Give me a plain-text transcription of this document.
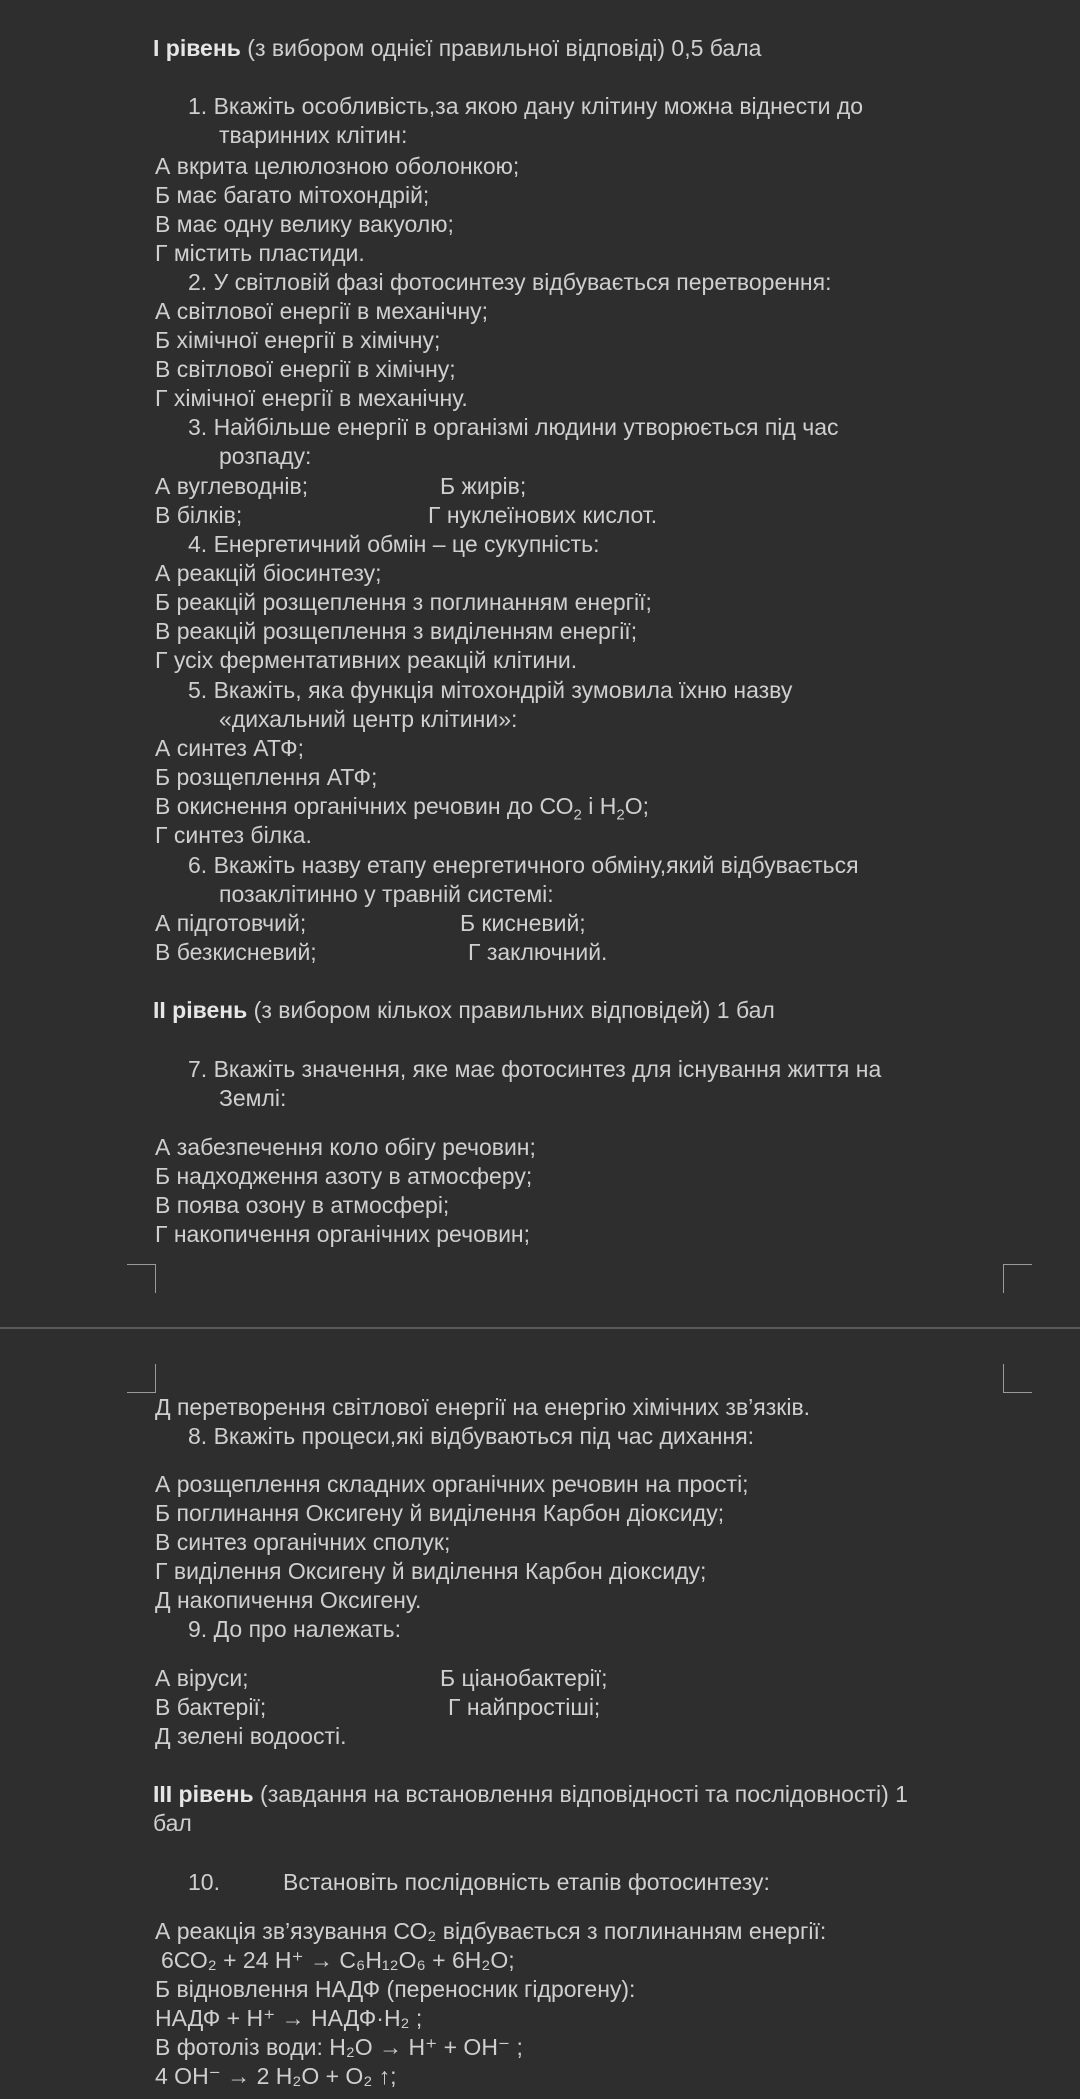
І рівень (з вибором однієї правильної відповіді) 0,5 бала
1. Вкажіть особливість,за якою дану клітину можна віднести до
тваринних клітин:
А вкрита целюлозною оболонкою;
Б має багато мітохондрій;
В має одну велику вакуолю;
Г містить пластиди.
2. У світловій фазі фотосинтезу відбувається перетворення:
А світлової енергії в механічну;
Б хімічної енергії в хімічну;
В світлової енергії в хімічну;
Г хімічної енергії в механічну.
3. Найбільше енергії в організмі людини утворюється під час
розпаду:
А вуглеводнів;	Б жирів;
В білків;	Г нуклеїнових кислот.
4. Енергетичний обмін – це сукупність:
А реакцій біосинтезу;
Б реакцій розщеплення з поглинанням енергії;
В реакцій розщеплення з виділенням енергії;
Г усіх ферментативних реакцій клітини.
5. Вкажіть, яка функція мітохондрій зумовила їхню назву
«дихальний центр клітини»:
А синтез АТФ;
Б розщеплення АТФ;
В окиснення органічних речовин до $СО_2$ і $Н_2О$;
Г синтез білка.
6. Вкажіть назву етапу енергетичного обміну,який відбувається
позаклітинно у травній системі:
А підготовчий;	Б кисневий;
В безкисневий;	Г заключний.
ІІ рівень (з вибором кількох правильних відповідей) 1 бал
7. Вкажіть значення, яке має фотосинтез для існування життя на
Землі:
А забезпечення коло обігу речовин;
Б надходження азоту в атмосферу;
В поява озону в атмосфері;
Г накопичення органічних речовин;
Д перетворення світлової енергії на енергію хімічних зв’язків.
8. Вкажіть процеси,які відбуваються під час дихання:
А розщеплення складних органічних речовин на прості;
Б поглинання Оксигену й виділення Карбон діоксиду;
В синтез органічних сполук;
Г виділення Оксигену й виділення Карбон діоксиду;
Д накопичення Оксигену.
9. До про належать:
А віруси;	Б ціанобактерії;
В бактерії;	Г найпростіші;
Д зелені водоості.
ІІІ рівень (завдання на встановлення відповідності та послідовності) 1
бал
10.	Встановіть послідовність етапів фотосинтезу:
А реакція зв’язування СО₂ відбувається з поглинанням енергії:
6СО₂ + 24 Н⁺ → С₆Н₁₂О₆ + 6Н₂О;
Б відновлення НАДФ (переносник гідрогену):
НАДФ + Н⁺ → НАДФ·Н₂ ;
В фотоліз води: Н₂О → Н⁺ + ОН⁻ ;
4 ОН⁻ → 2 Н₂О + О₂ ↑;
